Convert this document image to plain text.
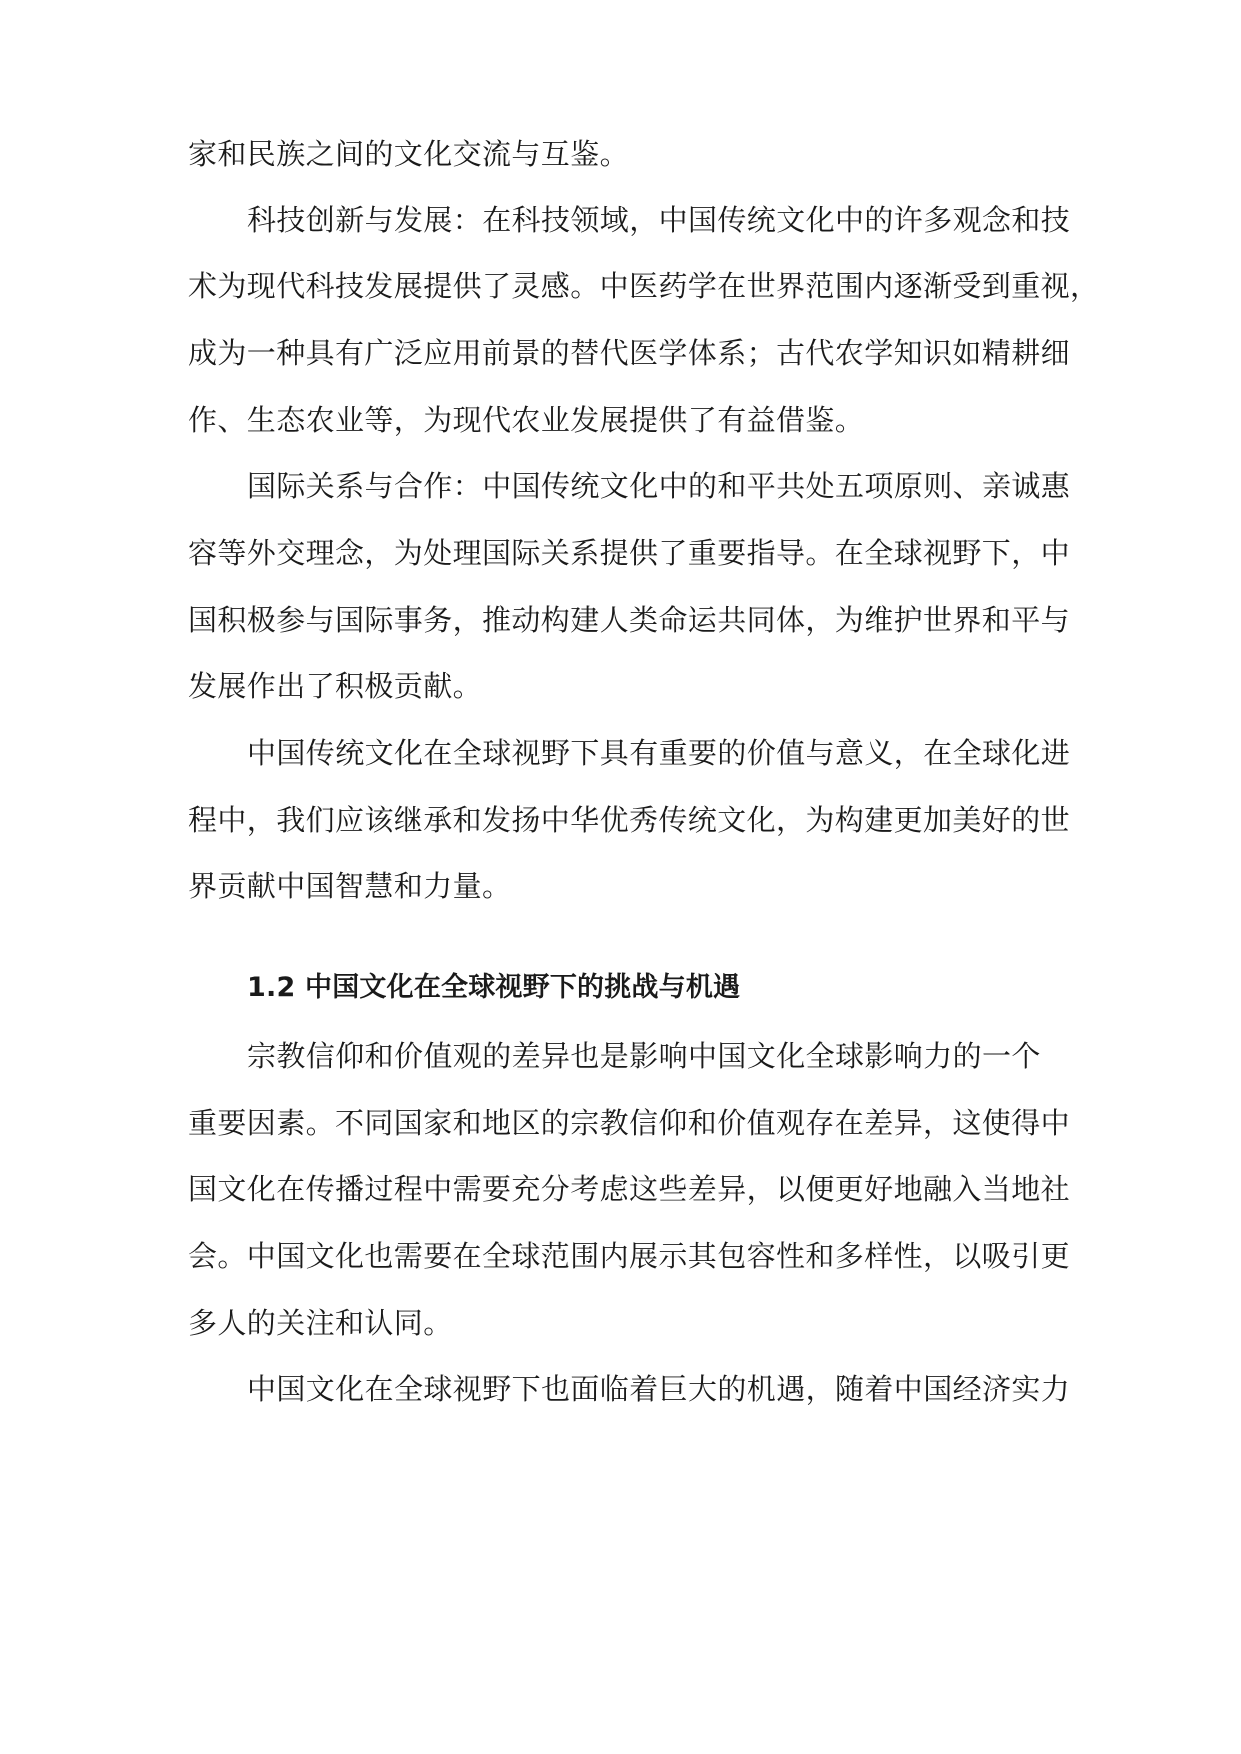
家和民族之间的文化交流与互鉴。
科技创新与发展：在科技领域，中国传统文化中的许多观念和技
术为现代科技发展提供了灵感。中医药学在世界范围内逐渐受到重视，
成为一种具有广泛应用前景的替代医学体系；古代农学知识如精耕细
作、生态农业等，为现代农业发展提供了有益借鉴。
国际关系与合作：中国传统文化中的和平共处五项原则、亲诚惠
容等外交理念，为处理国际关系提供了重要指导。在全球视野下，中
国积极参与国际事务，推动构建人类命运共同体，为维护世界和平与
发展作出了积极贡献。
中国传统文化在全球视野下具有重要的价值与意义，在全球化进
程中，我们应该继承和发扬中华优秀传统文化，为构建更加美好的世
界贡献中国智慧和力量。
1.2 中国文化在全球视野下的挑战与机遇
宗教信仰和价值观的差异也是影响中国文化全球影响力的一个
重要因素。不同国家和地区的宗教信仰和价值观存在差异，这使得中
国文化在传播过程中需要充分考虑这些差异，以便更好地融入当地社
会。中国文化也需要在全球范围内展示其包容性和多样性，以吸引更
多人的关注和认同。
中国文化在全球视野下也面临着巨大的机遇，随着中国经济实力
